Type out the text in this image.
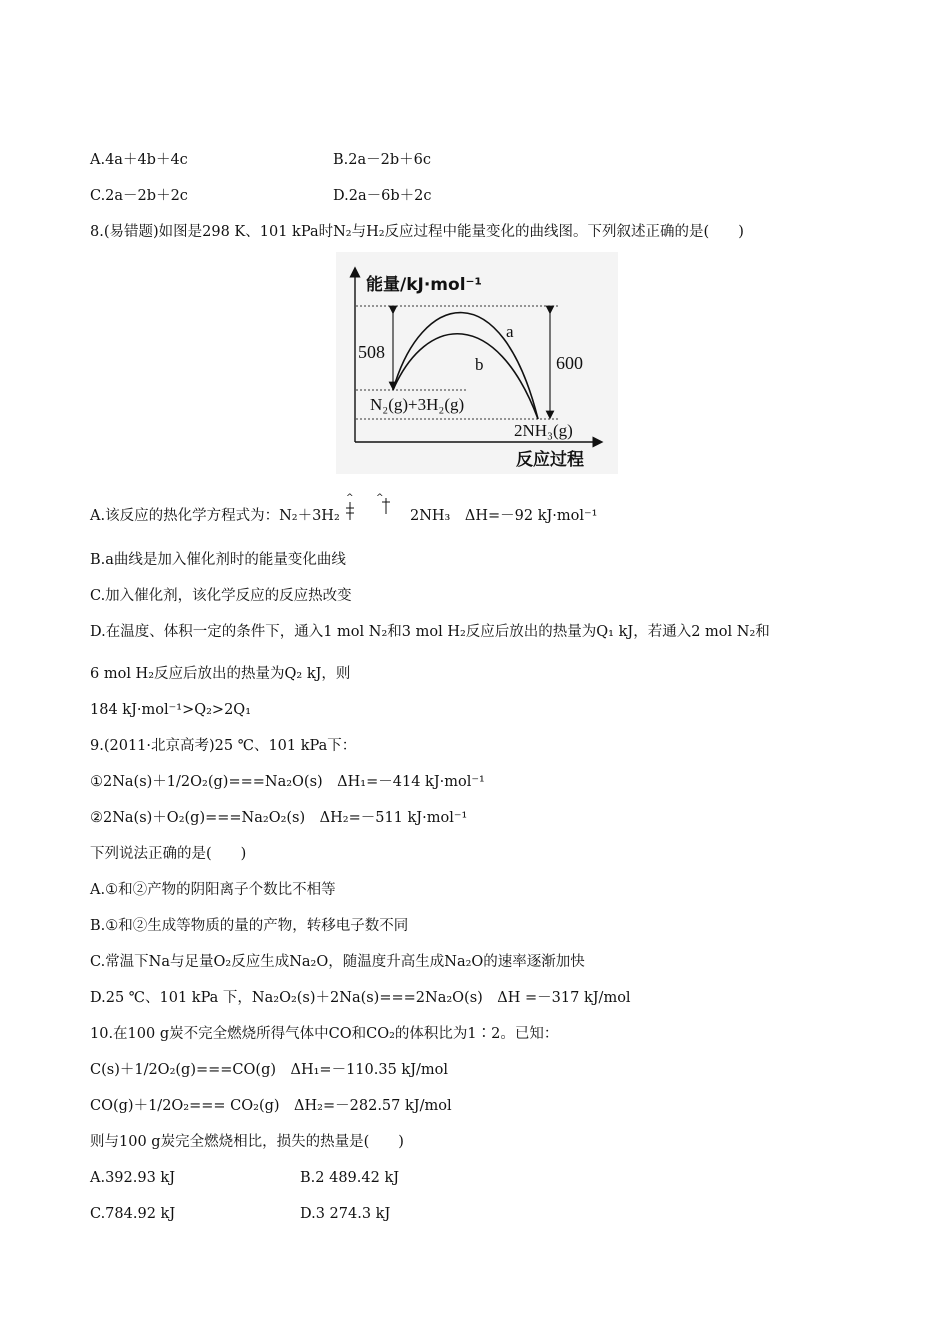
A.4a＋4b＋4c	B.2a－2b＋6c
C.2a－2b＋2c	D.2a－6b＋2c
8.(易错题)如图是298 K、101 kPa时N₂与H₂反应过程中能量变化的曲线图。下列叙述正确的是(　　)
能量/kJ·mol⁻¹
508
600
a
b
N₂(g)+3H₂(g)
2NH₃(g)
反应过程
A.该反应的热化学方程式为：N₂＋3H₂
^ ^
2NH₃　ΔH=－92 kJ·mol⁻¹
B.a曲线是加入催化剂时的能量变化曲线
C.加入催化剂，该化学反应的反应热改变
D.在温度、体积一定的条件下，通入1 mol N₂和3 mol H₂反应后放出的热量为Q₁ kJ，若通入2 mol N₂和
6 mol H₂反应后放出的热量为Q₂ kJ，则
184 kJ·mol⁻¹>Q₂>2Q₁
9.(2011·北京高考)25 ℃、101 kPa下：
①2Na(s)＋1/2O₂(g)===Na₂O(s)　ΔH₁=－414 kJ·mol⁻¹
②2Na(s)＋O₂(g)===Na₂O₂(s)　ΔH₂=－511 kJ·mol⁻¹
下列说法正确的是(　　)
A.①和②产物的阴阳离子个数比不相等
B.①和②生成等物质的量的产物，转移电子数不同
C.常温下Na与足量O₂反应生成Na₂O，随温度升高生成Na₂O的速率逐渐加快
D.25 ℃、101 kPa 下，Na₂O₂(s)＋2Na(s)===2Na₂O(s)　ΔH =－317 kJ/mol
10.在100 g炭不完全燃烧所得气体中CO和CO₂的体积比为1∶2。已知：
C(s)＋1/2O₂(g)===CO(g)　ΔH₁=－110.35 kJ/mol
CO(g)＋1/2O₂=== CO₂(g)　ΔH₂=－282.57 kJ/mol
则与100 g炭完全燃烧相比，损失的热量是(　　)
A.392.93 kJ	B.2 489.42 kJ
C.784.92 kJ	D.3 274.3 kJ
